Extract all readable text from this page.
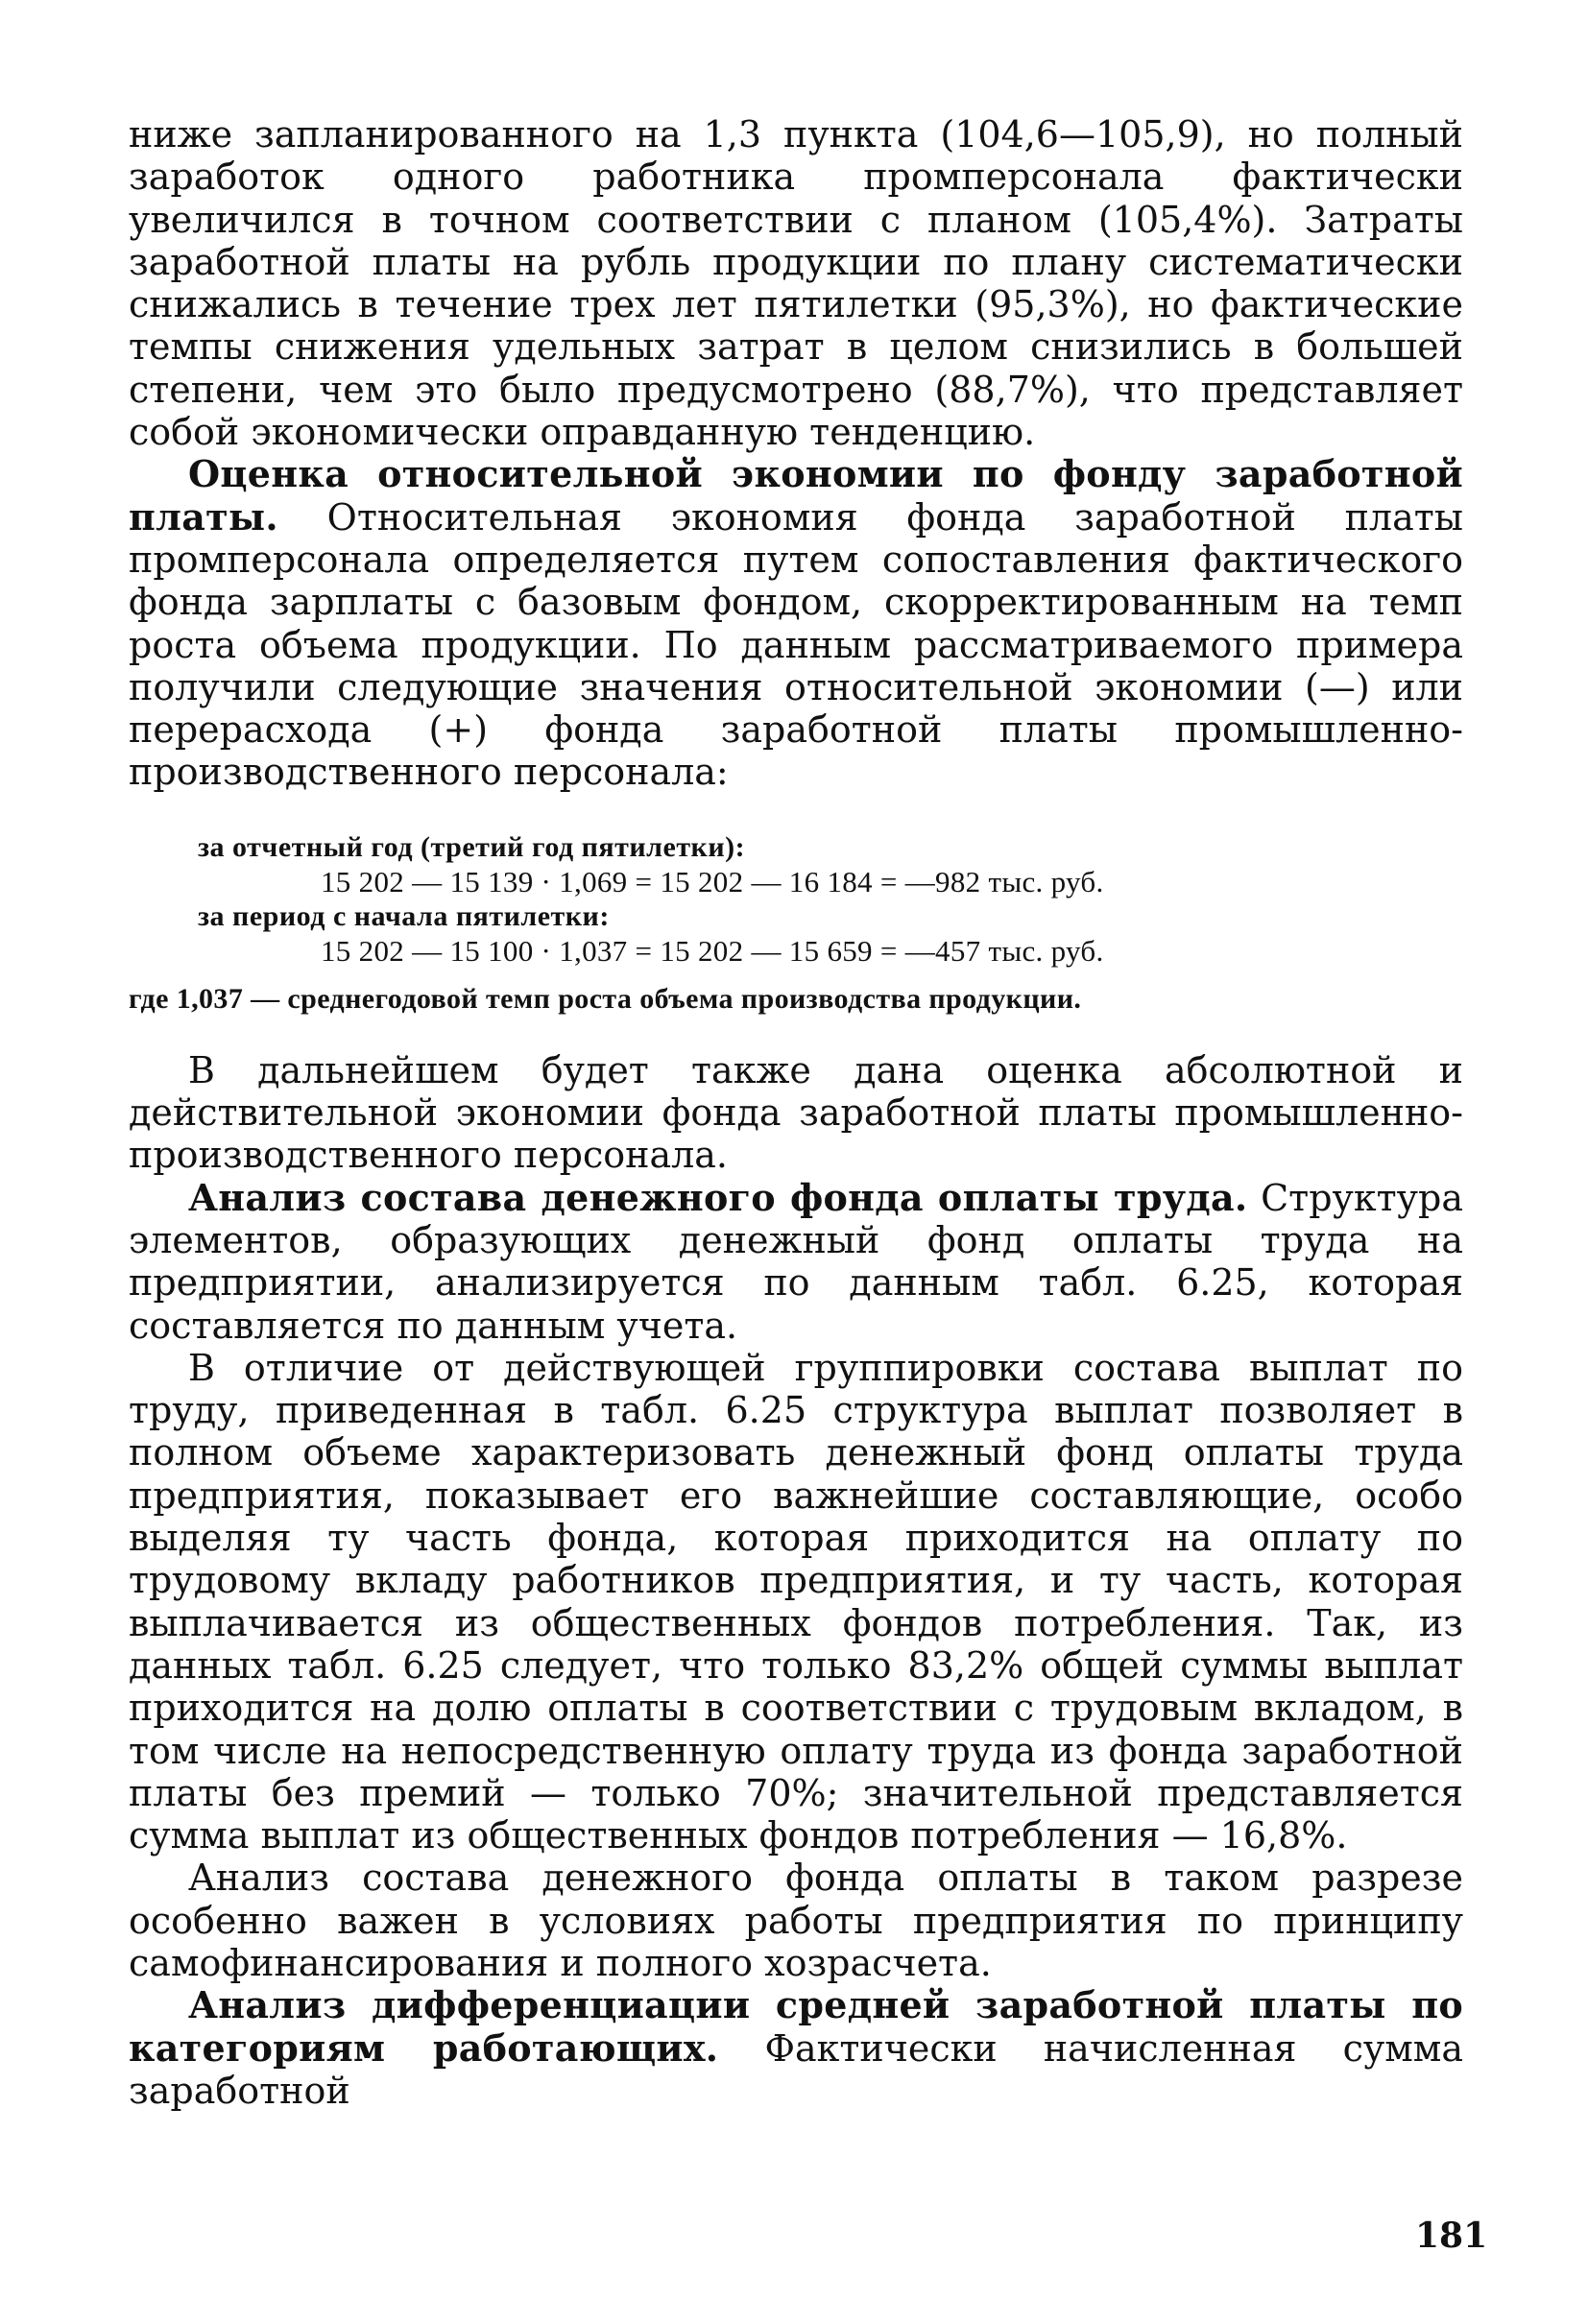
ниже запланированного на 1,3 пункта (104,6—105,9), но полный заработок одного работника промперсонала фактически увеличился в точном соответствии с планом (105,4%). Затраты заработной платы на рубль продукции по плану систематически снижались в течение трех лет пятилетки (95,3%), но фактические темпы снижения удельных затрат в целом снизились в большей степени, чем это было предусмотрено (88,7%), что представляет собой экономически оправданную тенденцию.

Оценка относительной экономии по фонду заработной платы. Относительная экономия фонда заработной платы промперсонала определяется путем сопоставления фактического фонда зарплаты с базовым фондом, скорректированным на темп роста объема продукции. По данным рассматриваемого примера получили следующие значения относительной экономии (—) или перерасхода (+) фонда заработной платы промышленно-производственного персонала:

за отчетный год (третий год пятилетки):
15 202 — 15 139 · 1,069 = 15 202 — 16 184 = —982 тыс. руб.
за период с начала пятилетки:
15 202 — 15 100 · 1,037 = 15 202 — 15 659 = —457 тыс. руб.
где 1,037 — среднегодовой темп роста объема производства продукции.

В дальнейшем будет также дана оценка абсолютной и действительной экономии фонда заработной платы промышленно-производственного персонала.

Анализ состава денежного фонда оплаты труда. Структура элементов, образующих денежный фонд оплаты труда на предприятии, анализируется по данным табл. 6.25, которая составляется по данным учета.

В отличие от действующей группировки состава выплат по труду, приведенная в табл. 6.25 структура выплат позволяет в полном объеме характеризовать денежный фонд оплаты труда предприятия, показывает его важнейшие составляющие, особо выделяя ту часть фонда, которая приходится на оплату по трудовому вкладу работников предприятия, и ту часть, которая выплачивается из общественных фондов потребления. Так, из данных табл. 6.25 следует, что только 83,2% общей суммы выплат приходится на долю оплаты в соответствии с трудовым вкладом, в том числе на непосредственную оплату труда из фонда заработной платы без премий — только 70%; значительной представляется сумма выплат из общественных фондов потребления — 16,8%.

Анализ состава денежного фонда оплаты в таком разрезе особенно важен в условиях работы предприятия по принципу самофинансирования и полного хозрасчета.

Анализ дифференциации средней заработной платы по категориям работающих. Фактически начисленная сумма заработной

181
